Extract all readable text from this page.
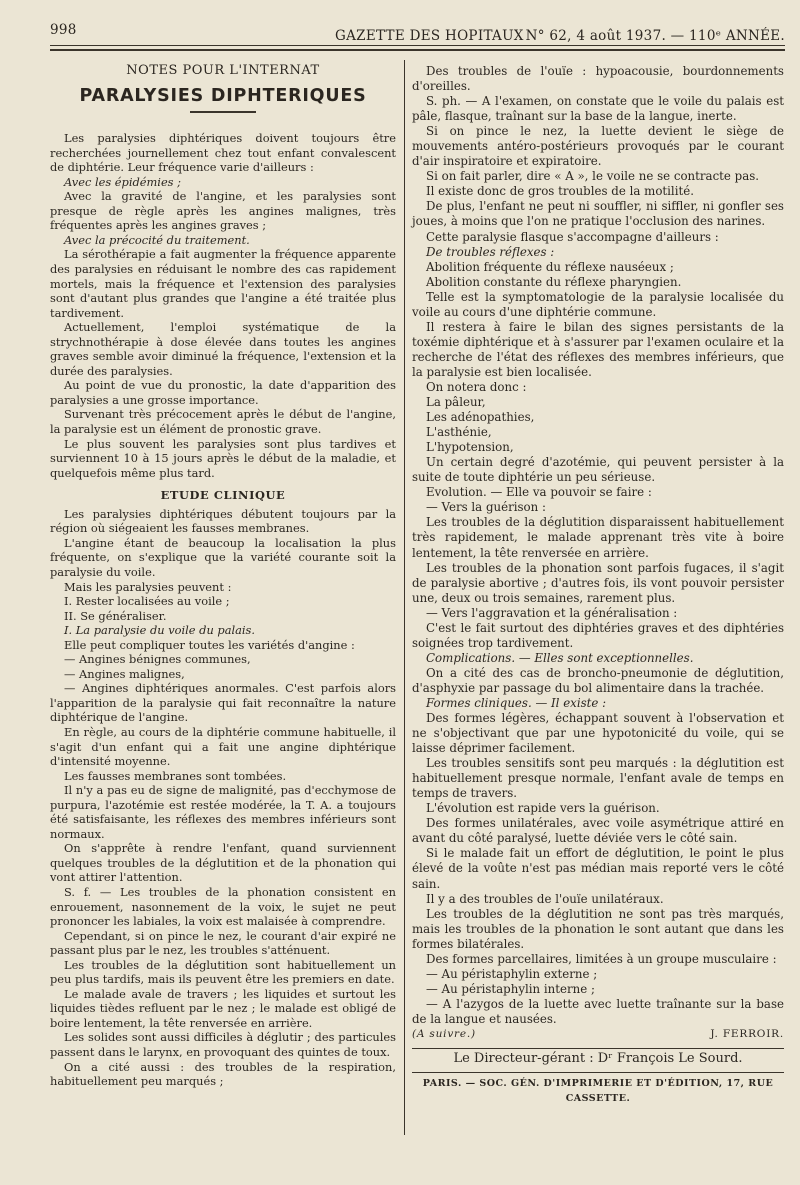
998	GAZETTE DES HOPITAUX N° 62, 4 août 1937. — 110ᵉ ANNÉE.

NOTES POUR L'INTERNAT

PARALYSIES DIPHTERIQUES

Les paralysies diphtériques doivent toujours être recherchées journellement chez tout enfant convalescent de diphtérie. Leur fréquence varie d'ailleurs :

Avec les épidémies ;

Avec la gravité de l'angine, et les paralysies sont presque de règle après les angines malignes, très fréquentes après les angines graves ;

Avec la précocité du traitement.

La sérothérapie a fait augmenter la fréquence apparente des paralysies en réduisant le nombre des cas rapidement mortels, mais la fréquence et l'extension des paralysies sont d'autant plus grandes que l'angine a été traitée plus tardivement.

Actuellement, l'emploi systématique de la strychnothérapie à dose élevée dans toutes les angines graves semble avoir diminué la fréquence, l'extension et la durée des paralysies.

Au point de vue du pronostic, la date d'apparition des paralysies a une grosse importance.

Survenant très précocement après le début de l'angine, la paralysie est un élément de pronostic grave.

Le plus souvent les paralysies sont plus tardives et surviennent 10 à 15 jours après le début de la maladie, et quelquefois même plus tard.

ETUDE CLINIQUE

Les paralysies diphtériques débutent toujours par la région où siégeaient les fausses membranes.

L'angine étant de beaucoup la localisation la plus fréquente, on s'explique que la variété courante soit la paralysie du voile.

Mais les paralysies peuvent :

I. Rester localisées au voile ;

II. Se généraliser.

I. La paralysie du voile du palais.

Elle peut compliquer toutes les variétés d'angine :

— Angines bénignes communes,

— Angines malignes,

— Angines diphtériques anormales. C'est parfois alors l'apparition de la paralysie qui fait reconnaître la nature diphtérique de l'angine.

En règle, au cours de la diphtérie commune habituelle, il s'agit d'un enfant qui a fait une angine diphtérique d'intensité moyenne.

Les fausses membranes sont tombées.

Il n'y a pas eu de signe de malignité, pas d'ecchymose de purpura, l'azotémie est restée modérée, la T. A. a toujours été satisfaisante, les réflexes des membres inférieurs sont normaux.

On s'apprête à rendre l'enfant, quand surviennent quelques troubles de la déglutition et de la phonation qui vont attirer l'attention.

S. f. — Les troubles de la phonation consistent en enrouement, nasonnement de la voix, le sujet ne peut prononcer les labiales, la voix est malaisée à comprendre.

Cependant, si on pince le nez, le courant d'air expiré ne passant plus par le nez, les troubles s'atténuent.

Les troubles de la déglutition sont habituellement un peu plus tardifs, mais ils peuvent être les premiers en date.

Le malade avale de travers ; les liquides et surtout les liquides tièdes refluent par le nez ; le malade est obligé de boire lentement, la tête renversée en arrière.

Les solides sont aussi difficiles à déglutir ; des particules passent dans le larynx, en provoquant des quintes de toux.

On a cité aussi : des troubles de la respiration, habituellement peu marqués ;

Des troubles de l'ouïe : hypoacousie, bourdonnements d'oreilles.

S. ph. — A l'examen, on constate que le voile du palais est pâle, flasque, traînant sur la base de la langue, inerte.

Si on pince le nez, la luette devient le siège de mouvements antéro-postérieurs provoqués par le courant d'air inspiratoire et expiratoire.

Si on fait parler, dire « A », le voile ne se contracte pas.

Il existe donc de gros troubles de la motilité.

De plus, l'enfant ne peut ni souffler, ni siffler, ni gonfler ses joues, à moins que l'on ne pratique l'occlusion des narines.

Cette paralysie flasque s'accompagne d'ailleurs :

De troubles réflexes :

Abolition fréquente du réflexe nauséeux ;

Abolition constante du réflexe pharyngien.

Telle est la symptomatologie de la paralysie localisée du voile au cours d'une diphtérie commune.

Il restera à faire le bilan des signes persistants de la toxémie diphtérique et à s'assurer par l'examen oculaire et la recherche de l'état des réflexes des membres inférieurs, que la paralysie est bien localisée.

On notera donc :

La pâleur,

Les adénopathies,

L'asthénie,

L'hypotension,

Un certain degré d'azotémie, qui peuvent persister à la suite de toute diphtérie un peu sérieuse.

Evolution. — Elle va pouvoir se faire :

— Vers la guérison :

Les troubles de la déglutition disparaissent habituellement très rapidement, le malade apprenant très vite à boire lentement, la tête renversée en arrière.

Les troubles de la phonation sont parfois fugaces, il s'agit de paralysie abortive ; d'autres fois, ils vont pouvoir persister une, deux ou trois semaines, rarement plus.

— Vers l'aggravation et la généralisation :

C'est le fait surtout des diphtéries graves et des diphtéries soignées trop tardivement.

Complications. — Elles sont exceptionnelles.

On a cité des cas de broncho-pneumonie de déglutition, d'asphyxie par passage du bol alimentaire dans la trachée.

Formes cliniques. — Il existe :

Des formes légères, échappant souvent à l'observation et ne s'objectivant que par une hypotonicité du voile, qui se laisse déprimer facilement.

Les troubles sensitifs sont peu marqués : la déglutition est habituellement presque normale, l'enfant avale de temps en temps de travers.

L'évolution est rapide vers la guérison.

Des formes unilatérales, avec voile asymétrique attiré en avant du côté paralysé, luette déviée vers le côté sain.

Si le malade fait un effort de déglutition, le point le plus élevé de la voûte n'est pas médian mais reporté vers le côté sain.

Il y a des troubles de l'ouïe unilatéraux.

Les troubles de la déglutition ne sont pas très marqués, mais les troubles de la phonation le sont autant que dans les formes bilatérales.

Des formes parcellaires, limitées à un groupe musculaire :

— Au péristaphylin externe ;

— Au péristaphylin interne ;

— A l'azygos de la luette avec luette traînante sur la base de la langue et nausées.

(A suivre.)	J. FERROIR.

Le Directeur-gérant : Dʳ François Le Sourd.

PARIS. — SOC. GÉN. D'IMPRIMERIE ET D'ÉDITION, 17, RUE CASSETTE.
